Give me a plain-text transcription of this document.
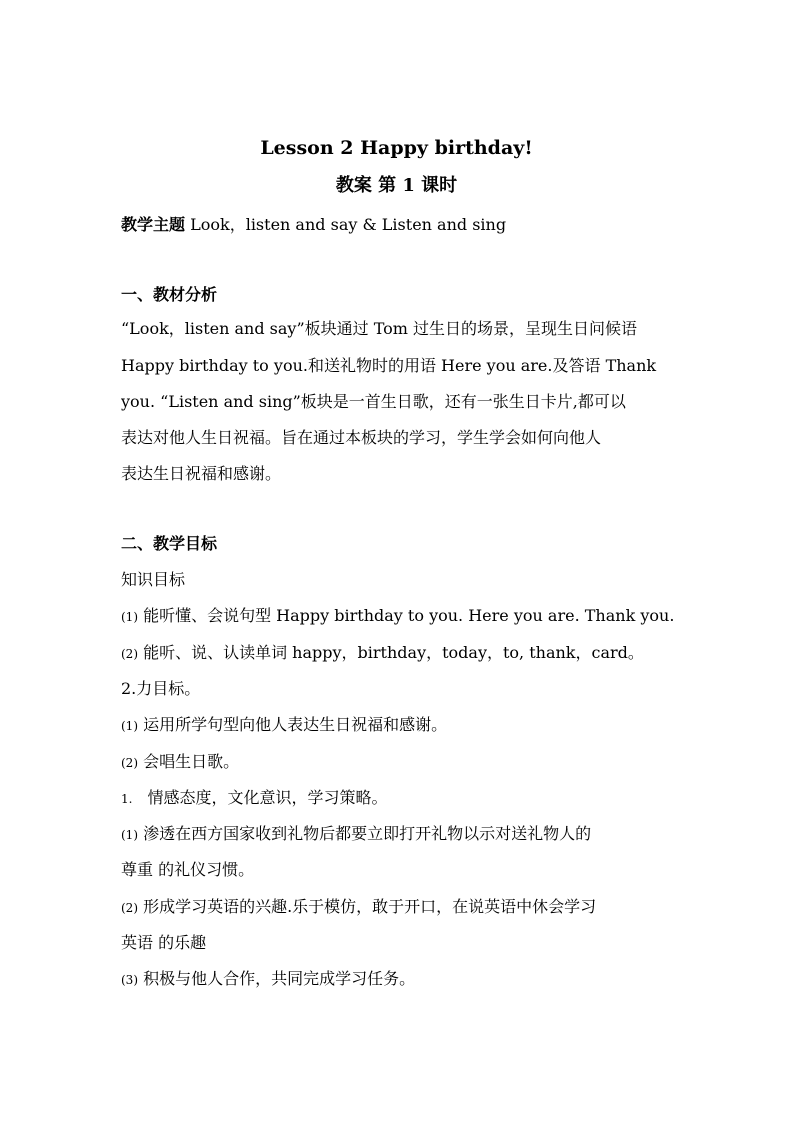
Lesson 2 Happy birthday!
教案 第 1 课时
教学主题 Look，listen and say & Listen and sing
一、教材分析
“Look，listen and say”板块通过 Tom 过生日的场景，呈现生日问候语
Happy birthday to you.和送礼物时的用语 Here you are.及答语 Thank
you. “Listen and sing”板块是一首生日歌，还有一张生日卡片,都可以
表达对他人生日祝福。旨在通过本板块的学习，学生学会如何向他人
表达生日祝福和感谢。
二、教学目标
知识目标
(1) 能听懂、会说句型 Happy birthday to you. Here you are. Thank you.
(2) 能听、说、认读单词 happy，birthday，today，to, thank，card。
2.力目标。
(1) 运用所学句型向他人表达生日祝福和感谢。
(2) 会唱生日歌。
1. 情感态度，文化意识，学习策略。
(1) 渗透在西方国家收到礼物后都要立即打开礼物以示对送礼物人的
尊重 的礼仪习惯。
(2) 形成学习英语的兴趣.乐于模仿，敢于开口，在说英语中休会学习
英语 的乐趣
(3) 积极与他人合作，共同完成学习任务。
